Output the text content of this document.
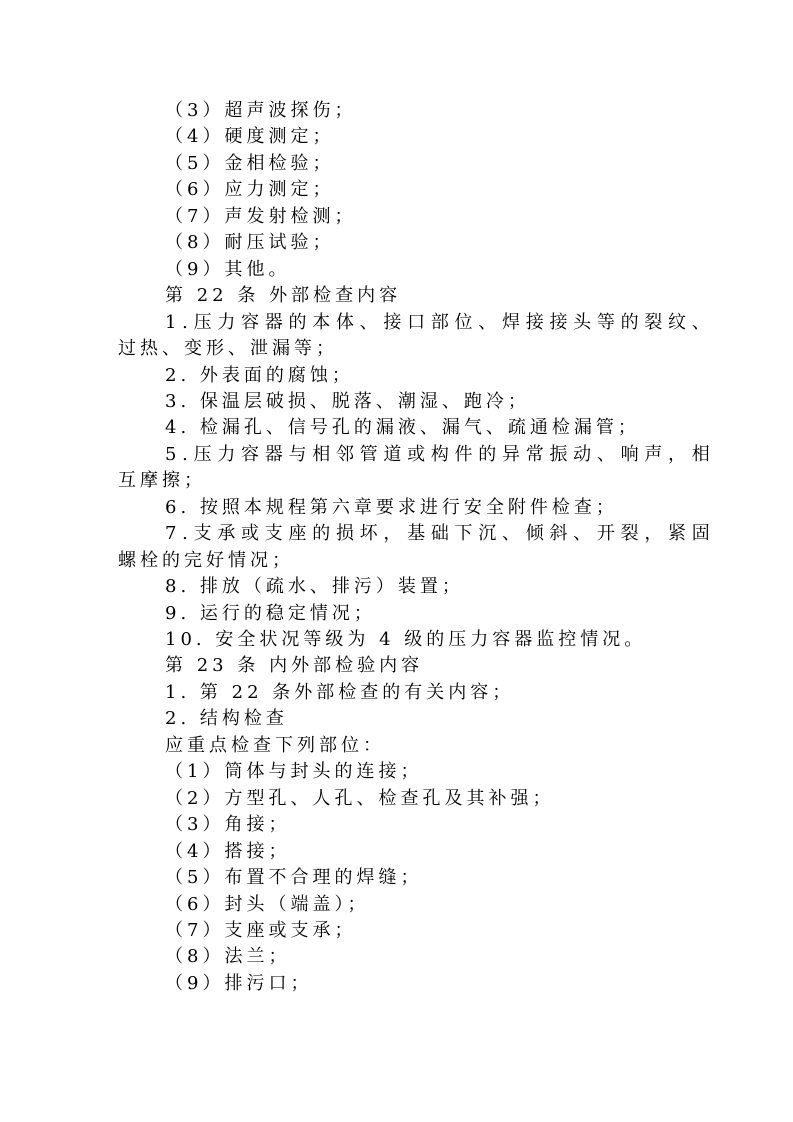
（3）超声波探伤；
（4）硬度测定；
（5）金相检验；
（6）应力测定；
（7）声发射检测；
（8）耐压试验；
（9）其他。
第 22 条 外部检查内容
1 . 压 力 容 器 的 本 体 、 接 口 部 位 、 焊 接 接 头 等 的 裂 纹 、
过热、变形、泄漏等；
2. 外表面的腐蚀；
3. 保温层破损、脱落、潮湿、跑冷；
4. 检漏孔、信号孔的漏液、漏气、疏通检漏管；
5 . 压 力 容 器 与 相 邻 管 道 或 构 件 的 异 常 振 动 、 响 声 ， 相
互摩擦；
6. 按照本规程第六章要求进行安全附件检查；
7 . 支 承 或 支 座 的 损 坏 ， 基 础 下 沉 、 倾 斜 、 开 裂 ， 紧 固
螺栓的完好情况；
8. 排放（疏水、排污）装置；
9. 运行的稳定情况；
10. 安全状况等级为 4 级的压力容器监控情况。
第 23 条 内外部检验内容
1. 第 22 条外部检查的有关内容；
2. 结构检查
应重点检查下列部位：
（1）筒体与封头的连接；
（2）方型孔、人孔、检查孔及其补强；
（3）角接；
（4）搭接；
（5）布置不合理的焊缝；
（6）封头（端盖）；
（7）支座或支承；
（8）法兰；
（9）排污口；
